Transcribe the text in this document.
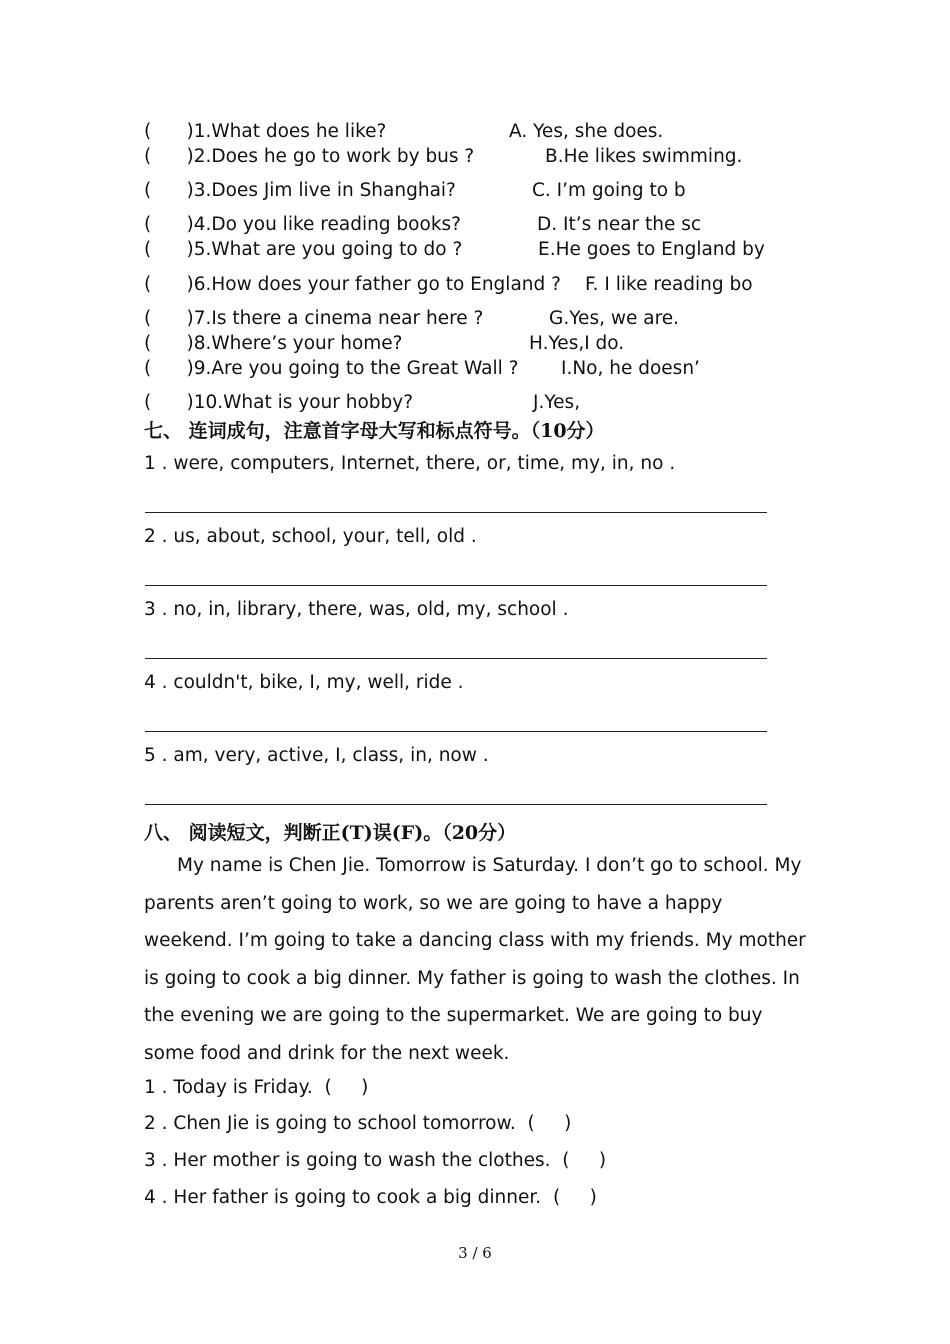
(      )1.What does he like?	A. Yes, she does.
(      )2.Does he go to work by bus ?	B.He likes swimming.
(      )3.Does Jim live in Shanghai?	C. I’m going to b
(      )4.Do you like reading books?	D. It’s near the sc
(      )5.What are you going to do ?	E.He goes to England by
(      )6.How does your father go to England ? F. I like reading bo
(      )7.Is there a cinema near here ?	G.Yes, we are.
(      )8.Where’s your home?	H.Yes,I do.
(      )9.Are you going to the Great Wall ? I.No, he doesn’
(      )10.What is your hobby?	J.Yes,
七、 连词成句，注意首字母大写和标点符号。（10分）
1 . were, computers, Internet, there, or, time, my, in, no .
2 . us, about, school, your, tell, old .
3 . no, in, library, there, was, old, my, school .
4 . couldn't, bike, I, my, well, ride .
5 . am, very, active, I, class, in, now .
八、 阅读短文，判断正(T)误(F)。（20分）

My name is Chen Jie. Tomorrow is Saturday. I don’t go to school. My parents aren’t going to work, so we are going to have a happy weekend. I’m going to take a dancing class with my friends. My mother is going to cook a big dinner. My father is going to wash the clothes. In the evening we are going to the supermarket. We are going to buy some food and drink for the next week.

1 . Today is Friday.  (     )
2 . Chen Jie is going to school tomorrow.  (     )
3 . Her mother is going to wash the clothes.  (     )
4 . Her father is going to cook a big dinner.  (     )
3 / 6
